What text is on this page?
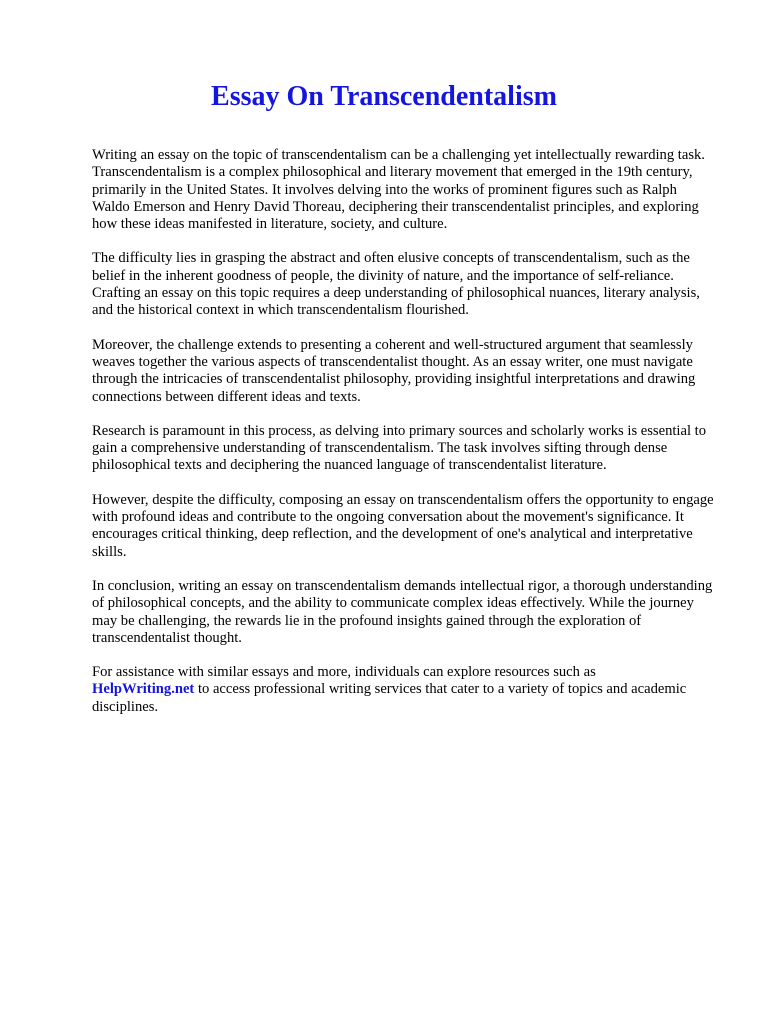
Essay On Transcendentalism

Writing an essay on the topic of transcendentalism can be a challenging yet intellectually rewarding task. Transcendentalism is a complex philosophical and literary movement that emerged in the 19th century, primarily in the United States. It involves delving into the works of prominent figures such as Ralph Waldo Emerson and Henry David Thoreau, deciphering their transcendentalist principles, and exploring how these ideas manifested in literature, society, and culture.

The difficulty lies in grasping the abstract and often elusive concepts of transcendentalism, such as the belief in the inherent goodness of people, the divinity of nature, and the importance of self-reliance. Crafting an essay on this topic requires a deep understanding of philosophical nuances, literary analysis, and the historical context in which transcendentalism flourished.

Moreover, the challenge extends to presenting a coherent and well-structured argument that seamlessly weaves together the various aspects of transcendentalist thought. As an essay writer, one must navigate through the intricacies of transcendentalist philosophy, providing insightful interpretations and drawing connections between different ideas and texts.

Research is paramount in this process, as delving into primary sources and scholarly works is essential to gain a comprehensive understanding of transcendentalism. The task involves sifting through dense philosophical texts and deciphering the nuanced language of transcendentalist literature.

However, despite the difficulty, composing an essay on transcendentalism offers the opportunity to engage with profound ideas and contribute to the ongoing conversation about the movement's significance. It encourages critical thinking, deep reflection, and the development of one's analytical and interpretative skills.

In conclusion, writing an essay on transcendentalism demands intellectual rigor, a thorough understanding of philosophical concepts, and the ability to communicate complex ideas effectively. While the journey may be challenging, the rewards lie in the profound insights gained through the exploration of transcendentalist thought.

For assistance with similar essays and more, individuals can explore resources such as
HelpWriting.net to access professional writing services that cater to a variety of topics and academic disciplines.
